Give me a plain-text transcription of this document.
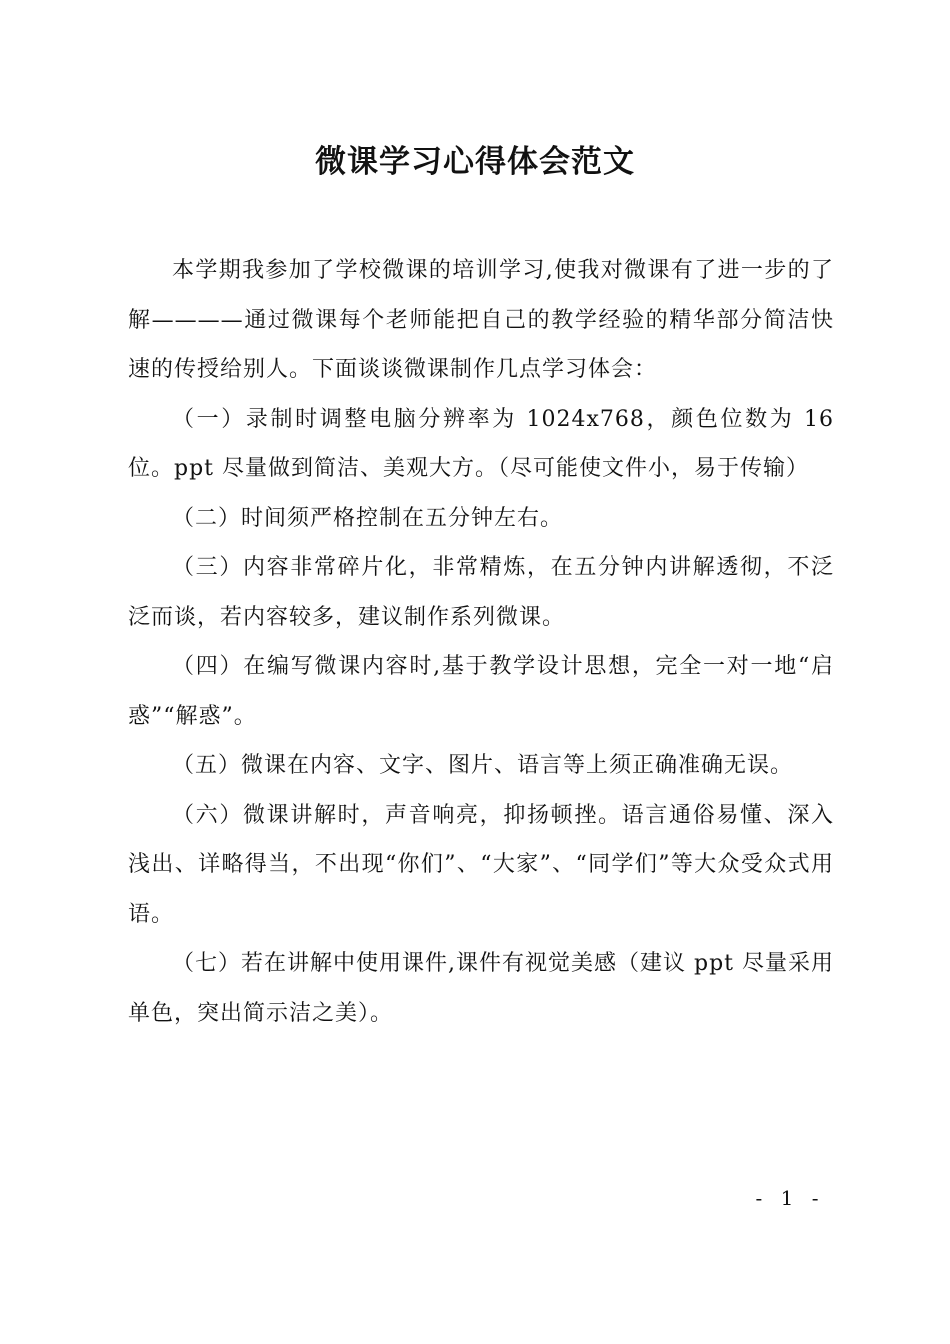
微课学习心得体会范文

本学期我参加了学校微课的培训学习,使我对微课有了进一步的了解————通过微课每个老师能把自己的教学经验的精华部分简洁快速的传授给别人。下面谈谈微课制作几点学习体会：

（一）录制时调整电脑分辨率为 1024x768，颜色位数为 16 位。ppt 尽量做到简洁、美观大方。（尽可能使文件小，易于传输）

（二）时间须严格控制在五分钟左右。

（三）内容非常碎片化，非常精炼，在五分钟内讲解透彻，不泛泛而谈，若内容较多，建议制作系列微课。

（四）在编写微课内容时,基于教学设计思想，完全一对一地“启惑”“解惑”。

（五）微课在内容、文字、图片、语言等上须正确准确无误。

（六）微课讲解时，声音响亮，抑扬顿挫。语言通俗易懂、深入浅出、详略得当，不出现“你们”、“大家”、“同学们”等大众受众式用语。

（七）若在讲解中使用课件,课件有视觉美感（建议 ppt 尽量采用单色，突出简示洁之美）。

- 1 -
